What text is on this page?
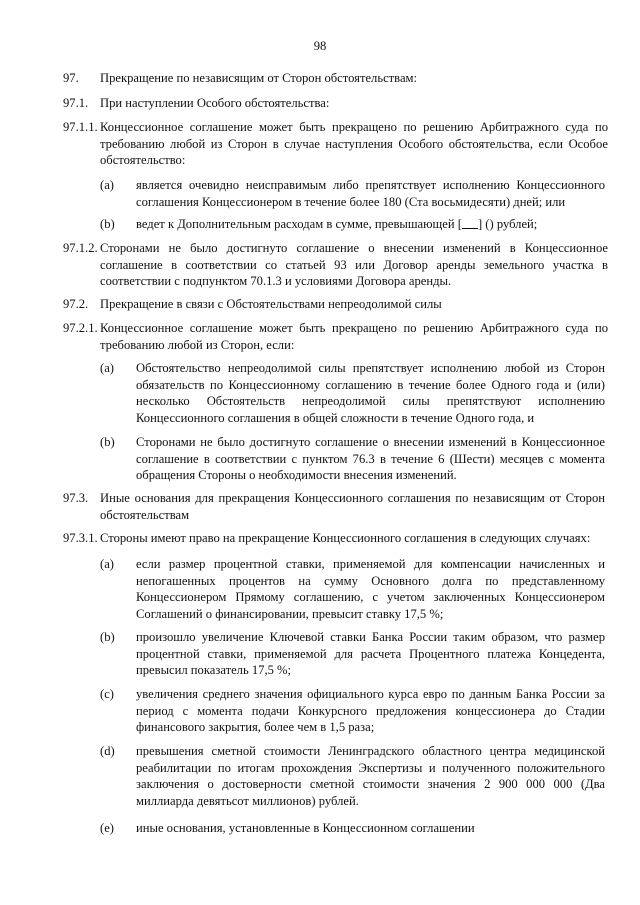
98
97. Прекращение по независящим от Сторон обстоятельствам:
97.1. При наступлении Особого обстоятельства:
97.1.1. Концессионное соглашение может быть прекращено по решению Арбитражного суда по требованию любой из Сторон в случае наступления Особого обстоятельства, если Особое обстоятельство:
(a) является очевидно неисправимым либо препятствует исполнению Концессионного соглашения Концессионером в течение более 180 (Ста восьмидесяти) дней; или
(b) ведет к Дополнительным расходам в сумме, превышающей [ ] () рублей;
97.1.2. Сторонами не было достигнуто соглашение о внесении изменений в Концессионное соглашение в соответствии со статьей 93 или Договор аренды земельного участка в соответствии с подпунктом 70.1.3 и условиями Договора аренды.
97.2. Прекращение в связи с Обстоятельствами непреодолимой силы
97.2.1. Концессионное соглашение может быть прекращено по решению Арбитражного суда по требованию любой из Сторон, если:
(a) Обстоятельство непреодолимой силы препятствует исполнению любой из Сторон обязательств по Концессионному соглашению в течение более Одного года и (или) несколько Обстоятельств непреодолимой силы препятствуют исполнению Концессионного соглашения в общей сложности в течение Одного года, и
(b) Сторонами не было достигнуто соглашение о внесении изменений в Концессионное соглашение в соответствии с пунктом 76.3 в течение 6 (Шести) месяцев с момента обращения Стороны о необходимости внесения изменений.
97.3. Иные основания для прекращения Концессионного соглашения по независящим от Сторон обстоятельствам
97.3.1. Стороны имеют право на прекращение Концессионного соглашения в следующих случаях:
(a) если размер процентной ставки, применяемой для компенсации начисленных и непогашенных процентов на сумму Основного долга по представленному Концессионером Прямому соглашению, с учетом заключенных Концессионером Соглашений о финансировании, превысит ставку 17,5 %;
(b) произошло увеличение Ключевой ставки Банка России таким образом, что размер процентной ставки, применяемой для расчета Процентного платежа Концедента, превысил показатель 17,5 %;
(c) увеличения среднего значения официального курса евро по данным Банка России за период с момента подачи Конкурсного предложения концессионера до Стадии финансового закрытия, более чем в 1,5 раза;
(d) превышения сметной стоимости Ленинградского областного центра медицинской реабилитации по итогам прохождения Экспертизы и полученного положительного заключения о достоверности сметной стоимости значения 2 900 000 000 (Два миллиарда девятьсот миллионов) рублей.
(e) иные основания, установленные в Концессионном соглашении
